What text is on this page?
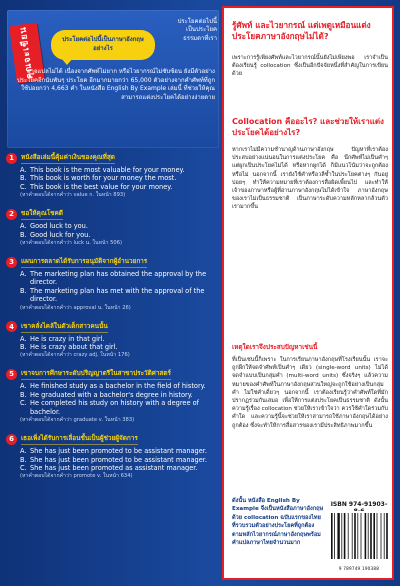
คุณจะเขียน	ประโยคต่อไปนี้เป็นภาษาอังกฤษอย่างไร
ประโยคต่อไปนี้
เป็นประโยค
ธรรมดาที่เรา
อาจแปลไม่ได้ เนื่องจากศัพท์ไม่ยาก หรือไวยากรณ์ไม่ซับซ้อน ยังมีตัวอย่างประโยคอีกนับพันๆ ประโยค อีกมากมายกว่า 65,000 ตัวอย่างจากคำศัพท์ที่ถูกใช้บ่อยกว่า 4,663 คำ ในหนังสือ English By Example เล่มนี้ ที่ช่วยให้คุณสามารถแต่งประโยคได้อย่างง่ายดาย
1	หนังสือเล่มนี้คุ้มค่าเงินของคุณที่สุด
A. This book is the most valuable for your money.
B. This book is worth for your money the most.
C. This book is the best value for your money.
(หาคำตอบได้จากคำว่า value ก. ในหน้า 893)
2	ขอให้คุณโชคดี
A. Good luck to you.
B. Good luck for you.
(หาคำตอบได้จากคำว่า luck น. ในหน้า 506)
3	แผนการตลาดได้รับการอนุมัติจากผู้อำนวยการ
A. The marketing plan has obtained the approval by the director.
B. The marketing plan has met with the approval of the director.
(หาคำตอบได้จากคำว่า approval น. ในหน้า 26)
4	เขาคลั่งไคล้ในตัวเด็กสาวคนนั้น
A. He is crazy in that girl.
B. He is crazy about that girl.
(หาคำตอบได้จากคำว่า crazy adj. ในหน้า 176)
5	เขาจบการศึกษาระดับปริญญาตรีในสาขาประวัติศาสตร์
A. He finished study as a bachelor in the field of history.
B. He graduated with a bachelor's degree in history.
C. He completed his study on history with a degree of bachelor.
(หาคำตอบได้จากคำว่า graduate v. ในหน้า 383)
6	เธอเพิ่งได้รับการเลื่อนขั้นเป็นผู้ช่วยผู้จัดการ
A. She has just been promoted to be assistant manager.
B. She has just been promoted to be assistant manager.
C. She has just been promoted as assistant manager.
(หาคำตอบได้จากคำว่า promote v. ในหน้า 634)
รู้ศัพท์ และไวยากรณ์ แต่เพดูเหมือนแต่งประโยคภาษาอังกฤษไม่ได้?
เพราะการรู้เพียงศัพท์และไวยากรณ์นั้นยังไม่เพียงพอ เราจำเป็นต้องเรียนรู้ collocation ซึ่งเป็นอีกปัจจัยหนึ่งที่สำคัญในการเขียนด้วย
Collocation คืออะไร? และช่วยให้เราแต่งประโยคได้อย่างไร?
หากเราไม่มีความชำนาญด้านภาษาอังกฤษ ปัญหาที่เราต้องประสบอย่างแน่นอนในการแต่งประโยค คือ นึกศัพท์ไม่เป็นคำๆ แต่ผูกเป็นประโยคไม่ได้ หรือหากผูกได้ ก็มีแนวโน้มว่าจะถูกต้อง หรือไม่ นอกจากนี้ เรายังใช้คำหรือวลีซ้ำในประโยคต่างๆ กันอยู่บ่อยๆ ทำให้ความหมายที่เราต้องการสื่อผิดเพี้ยนไป และทำให้เจ้าของภาษาหรือผู้ที่อ่านภาษาอังกฤษไม่ได้เข้าใจ ภาษาอังกฤษของเราไม่เป็นธรรมชาติ เป็นภาษาระดับความหลักหลากล้วนตัวเรามากขึ้น
เหตุใดเราจึงประสบปัญหาเช่นนี้
ที่เป็นเช่นนี้ก็เพราะ ในการเรียนภาษาอังกฤษที่โรงเรียนนั้น เราจะถูกฝึกให้จดจำศัพท์เป็นคำๆ เดียว (single-word units) ไม่ได้จดจำแบบเป็นกลุ่มคำ (multi-word units) ซึ่งจริงๆ แล้วความหมายของคำศัพท์ในภาษาอังกฤษส่วนใหญ่จะถูกใช้อย่างเป็นกลุ่มคำ ไม่ใช่คำเดี่ยวๆ นอกจากนี้ เราต้องเรียนรู้ว่าคำศัพท์ใดที่มักปรากฏร่วมกันเสมอ เพื่อให้การแต่งประโยคเป็นธรรมชาติ ดังนั้น ความรู้เรื่อง collocation ช่วยให้เราเข้าใจว่า ควรใช้คำใดร่วมกับคำใด และความรู้นี้จะช่วยให้เราสามารถใช้ภาษาอังกฤษได้อย่างถูกต้อง ซึ่งจะทำให้การสื่อสารของเรามีประสิทธิภาพมากขึ้น
ดังนั้น หนังสือ English By Example จึงเป็นหนังสือภาษาอังกฤษด้วย collocation ฉบับแรกของไทย ที่รวบรวมตัวอย่างประโยคที่ถูกต้องตามหลักไวยากรณ์ภาษาอังกฤษพร้อมคำแปลภาษาไทยจำนวนมาก
ISBN 974-91903-
9 789749 190388
